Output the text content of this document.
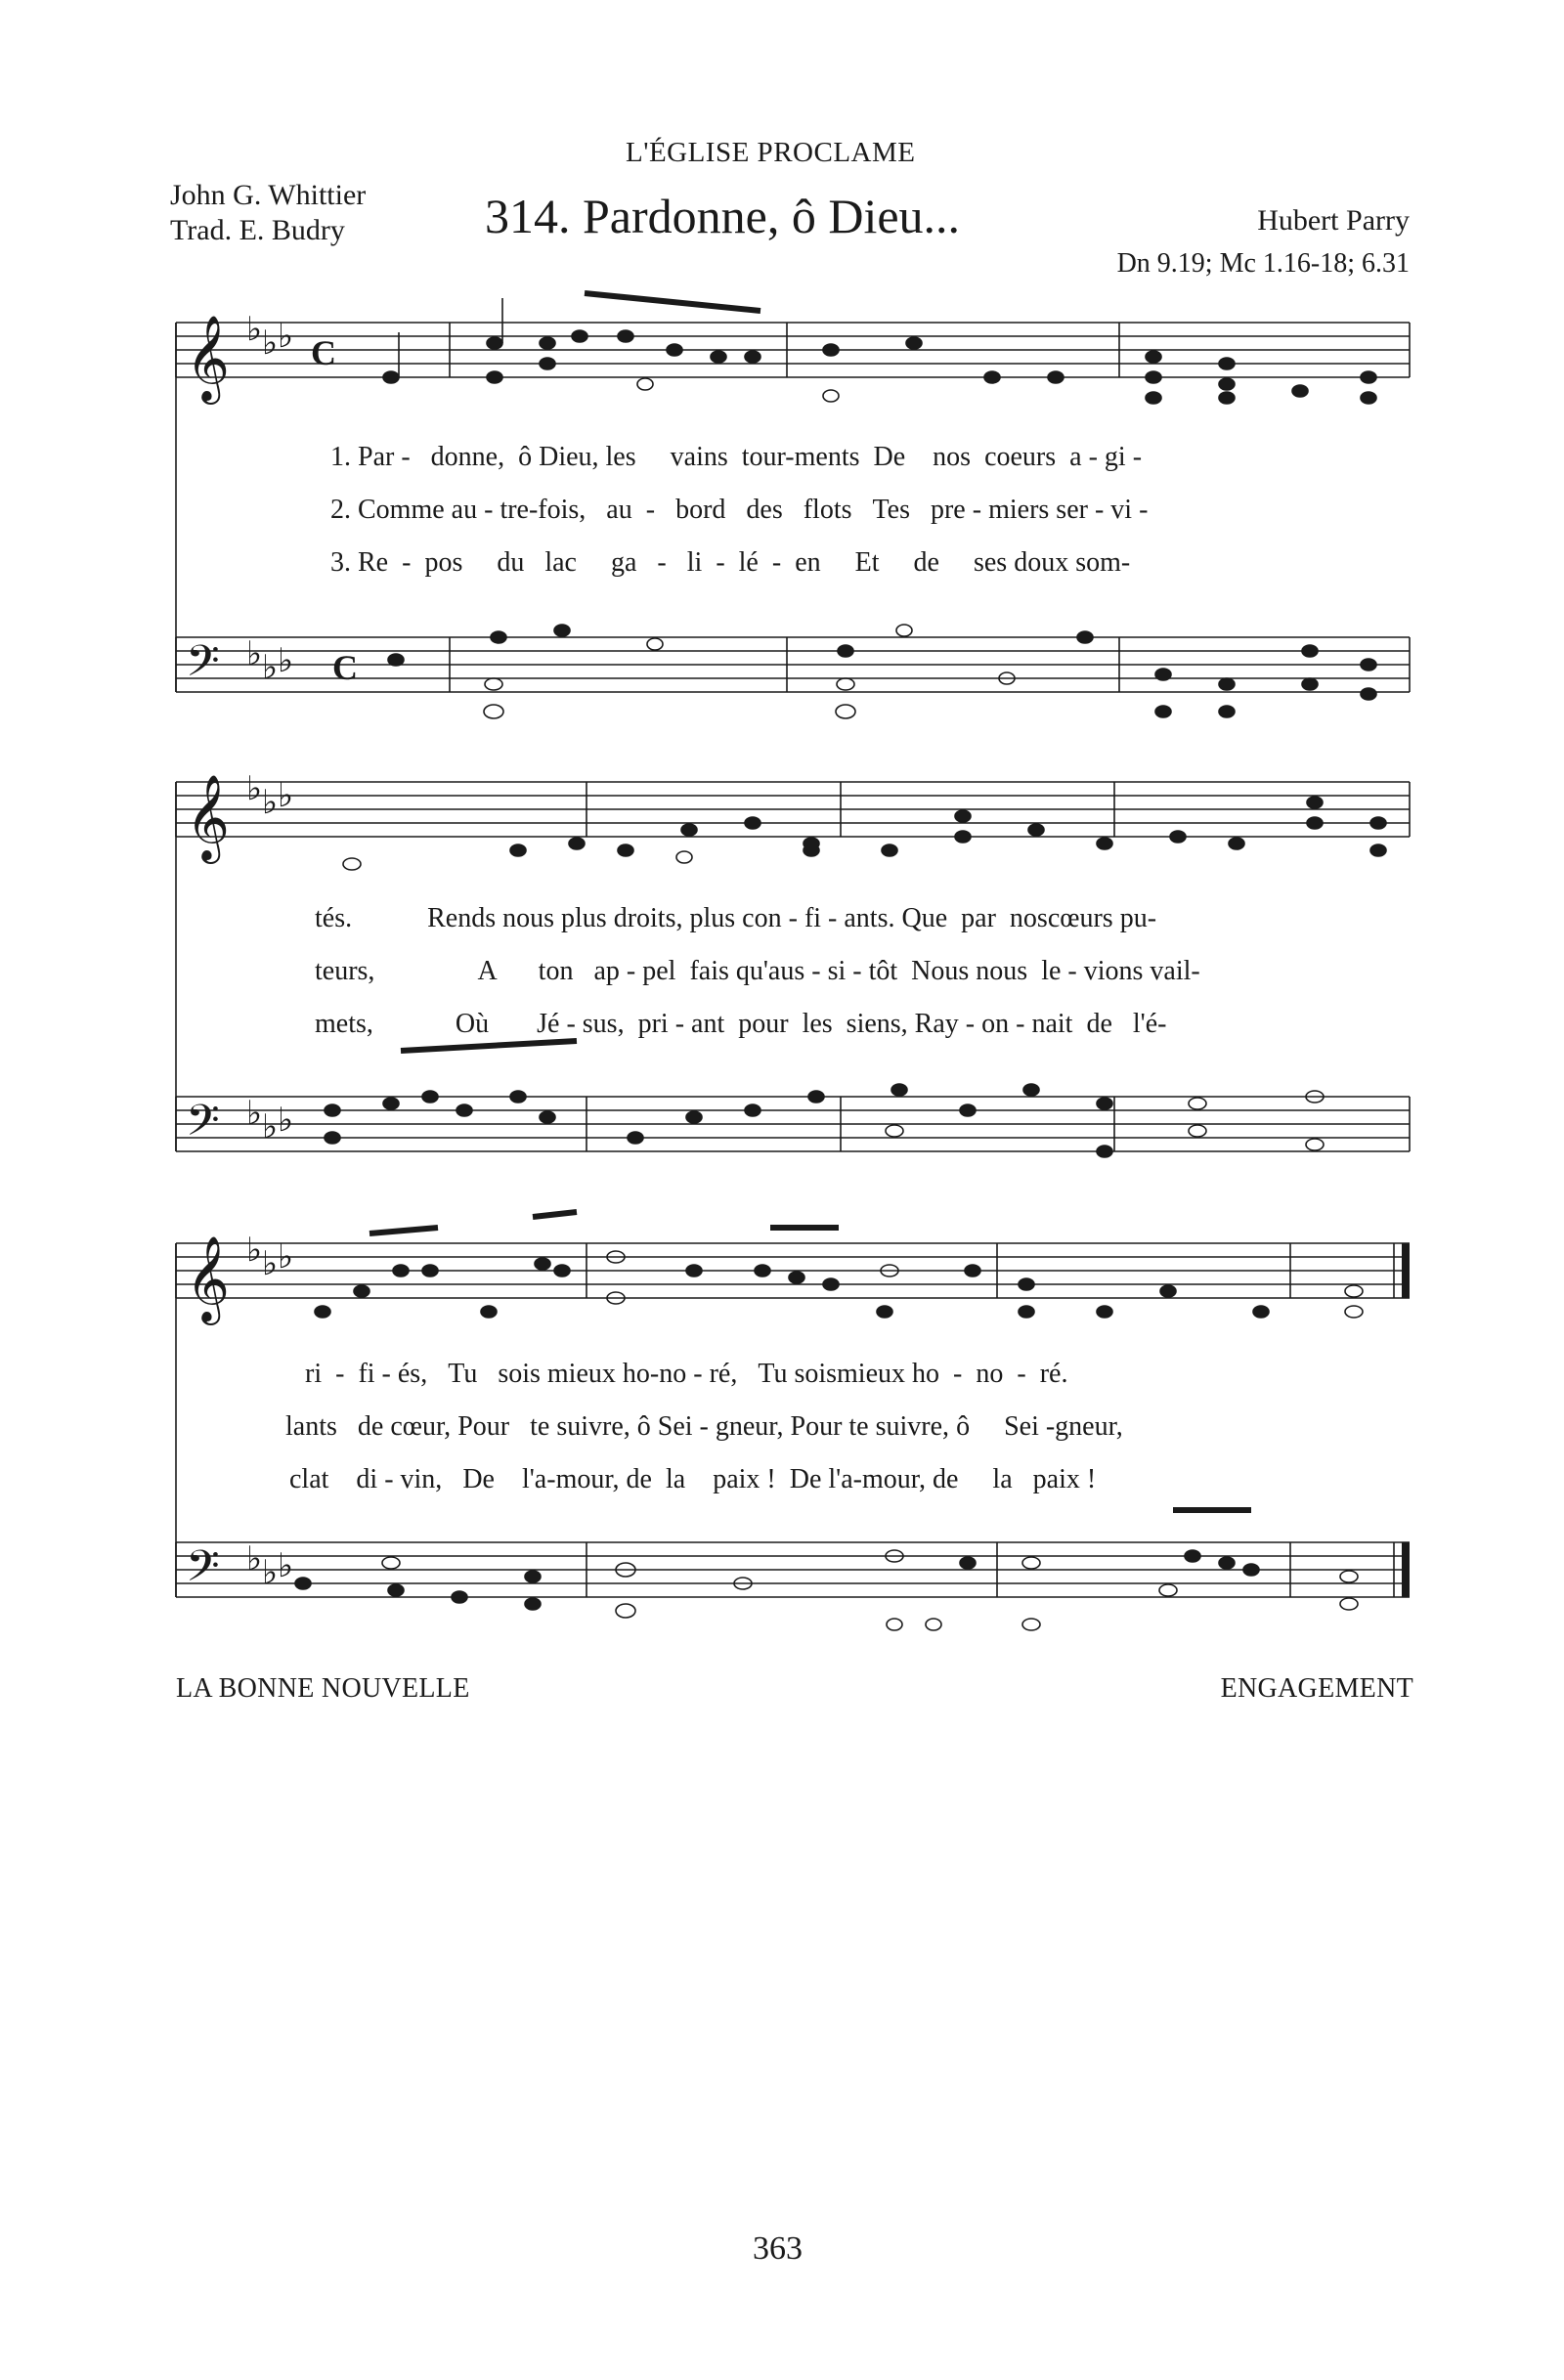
L'ÉGLISE PROCLAME
John G. Whittier
Trad. E. Budry	314. Pardonne, ô Dieu...	Hubert Parry
Dn 9.19; Mc 1.16-18; 6.31
𝄞
𝄢
𝄞
𝄢
𝄞
𝄢
♭ ♭ ♭
♭ ♭ ♭
♭ ♭ ♭
♭ ♭ ♭
♭ ♭ ♭
♭ ♭ ♭
C
C
1. Par - donne, ô Dieu, les vains tour-ments De nos coeurs a - gi -
2. Comme au - tre-fois, au - bord des flots Tes pre - miers ser - vi -
3. Re - pos du lac ga - li - lé - en Et de ses doux som-
tés.	Rends nous plus droits, plus con - fi - ants. Que par noscœurs pu-
teurs,	A ton ap - pel fais qu'aus - si - tôt Nous nous le - vions vail-
mets,	Où Jé - sus, pri - ant pour les siens, Ray - on - nait de l'é-
ri - fi - és, Tu sois mieux ho-no - ré, Tu soismieux ho - no - ré.
lants de cœur, Pour te suivre, ô Sei - gneur, Pour te suivre, ô Sei -gneur,
clat di - vin, De l'a-mour, de la paix ! De l'a-mour, de la paix !
LA BONNE NOUVELLE	ENGAGEMENT
363
